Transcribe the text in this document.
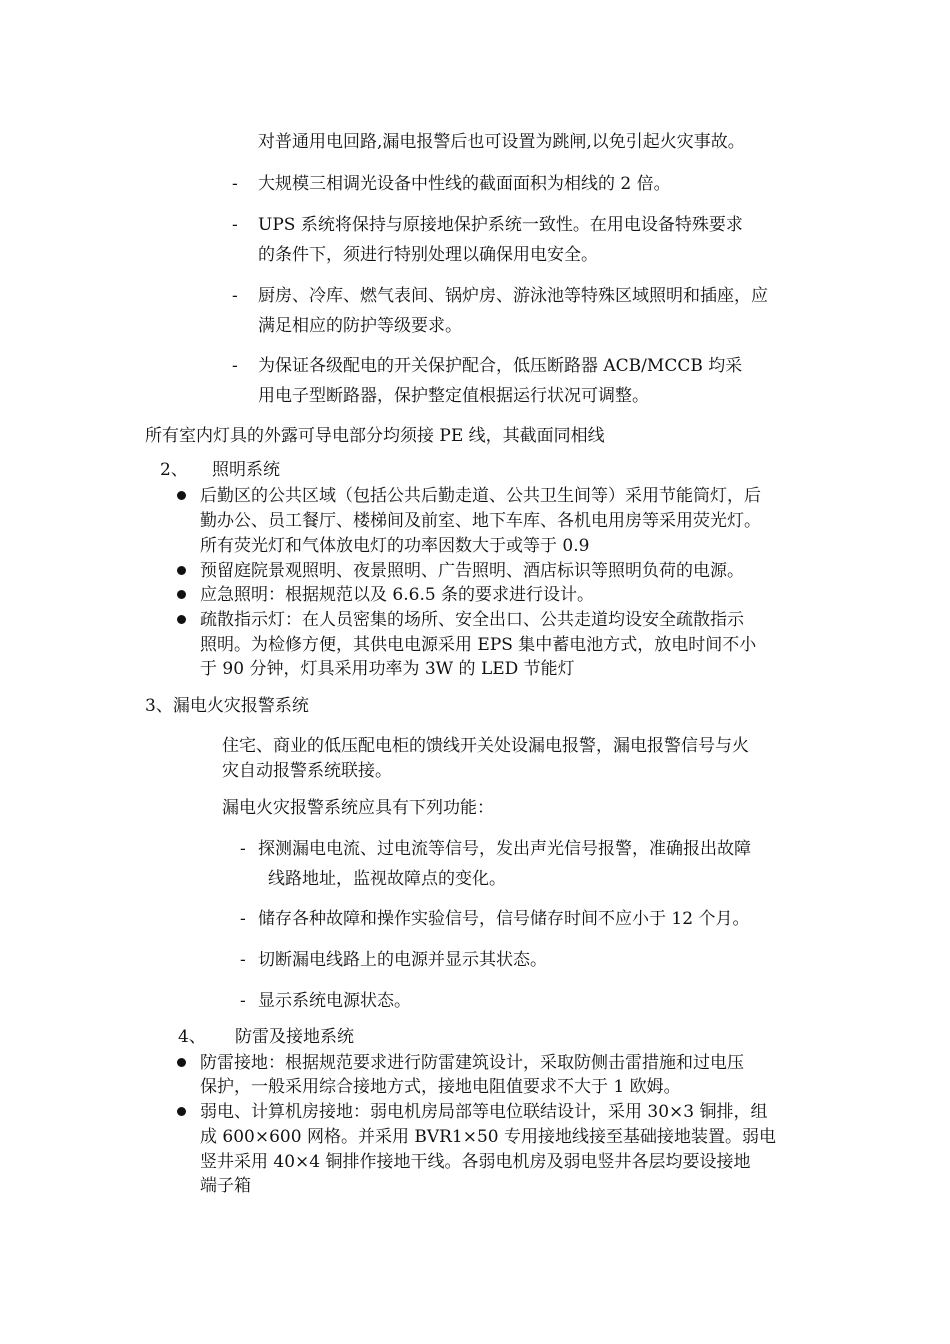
对普通用电回路,漏电报警后也可设置为跳闸,以免引起火灾事故。
- 大规模三相调光设备中性线的截面面积为相线的 2 倍。
- UPS 系统将保持与原接地保护系统一致性。在用电设备特殊要求
的条件下，须进行特别处理以确保用电安全。
- 厨房、冷库、燃气表间、锅炉房、游泳池等特殊区域照明和插座，应
满足相应的防护等级要求。
- 为保证各级配电的开关保护配合，低压断路器 ACB/MCCB 均采
用电子型断路器，保护整定值根据运行状况可调整。
所有室内灯具的外露可导电部分均须接 PE 线，其截面同相线
2、 照明系统
后勤区的公共区域（包括公共后勤走道、公共卫生间等）采用节能筒灯，后
勤办公、员工餐厅、楼梯间及前室、地下车库、各机电用房等采用荧光灯。
所有荧光灯和气体放电灯的功率因数大于或等于 0.9
预留庭院景观照明、夜景照明、广告照明、酒店标识等照明负荷的电源。
应急照明：根据规范以及 6.6.5 条的要求进行设计。
疏散指示灯：在人员密集的场所、安全出口、公共走道均设安全疏散指示
照明。为检修方便，其供电电源采用 EPS 集中蓄电池方式，放电时间不小
于 90 分钟，灯具采用功率为 3W 的 LED 节能灯
3、漏电火灾报警系统
住宅、商业的低压配电柜的馈线开关处设漏电报警，漏电报警信号与火
灾自动报警系统联接。
漏电火灾报警系统应具有下列功能：
- 探测漏电电流、过电流等信号，发出声光信号报警，准确报出故障
线路地址，监视故障点的变化。
- 储存各种故障和操作实验信号，信号储存时间不应小于 12 个月。
- 切断漏电线路上的电源并显示其状态。
- 显示系统电源状态。
4、 防雷及接地系统
防雷接地：根据规范要求进行防雷建筑设计，采取防侧击雷措施和过电压
保护，一般采用综合接地方式，接地电阻值要求不大于 1 欧姆。
弱电、计算机房接地：弱电机房局部等电位联结设计，采用 30×3 铜排，组
成 600×600 网格。并采用 BVR1×50 专用接地线接至基础接地装置。弱电
竖井采用 40×4 铜排作接地干线。各弱电机房及弱电竖井各层均要设接地
端子箱
